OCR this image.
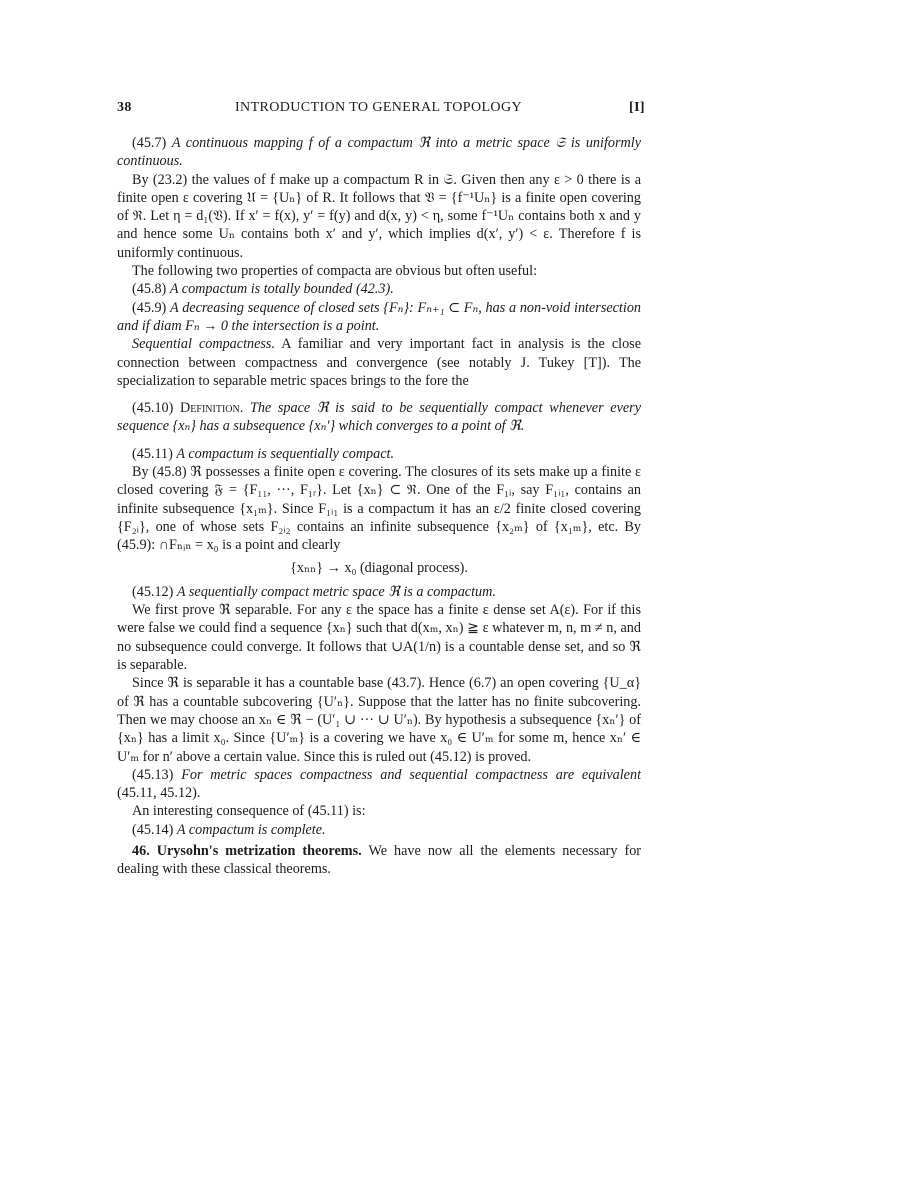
38	INTRODUCTION TO GENERAL TOPOLOGY	[I]

(45.7) A continuous mapping f of a compactum ℜ into a metric space 𝔖 is uniformly continuous.

By (23.2) the values of f make up a compactum R in 𝔖. Given then any ε > 0 there is a finite open ε covering 𝔘 = {Uₙ} of R. It follows that 𝔙 = {f⁻¹Uₙ} is a finite open covering of ℜ. Let η = d₁(𝔙). If x′ = f(x), y′ = f(y) and d(x, y) < η, some f⁻¹Uₙ contains both x and y and hence some Uₙ contains both x′ and y′, which implies d(x′, y′) < ε. Therefore f is uniformly continuous.

The following two properties of compacta are obvious but often useful:

(45.8) A compactum is totally bounded (42.3).

(45.9) A decreasing sequence of closed sets {Fₙ}: Fₙ₊₁ ⊂ Fₙ, has a non-void intersection and if diam Fₙ → 0 the intersection is a point.

Sequential compactness. A familiar and very important fact in analysis is the close connection between compactness and convergence (see notably J. Tukey [T]). The specialization to separable metric spaces brings to the fore the

(45.10) Definition. The space ℜ is said to be sequentially compact whenever every sequence {xₙ} has a subsequence {xₙ′} which converges to a point of ℜ.

(45.11) A compactum is sequentially compact.

By (45.8) ℜ possesses a finite open ε covering. The closures of its sets make up a finite ε closed covering 𝔉 = {F₁₁, ···, F₁ᵣ}. Let {xₙ} ⊂ ℜ. One of the F₁ᵢ, say F₁ᵢ₁, contains an infinite subsequence {x₁ₘ}. Since F₁ᵢ₁ is a compactum it has an ε/2 finite closed covering {F₂ᵢ}, one of whose sets F₂ᵢ₂ contains an infinite subsequence {x₂ₘ} of {x₁ₘ}, etc. By (45.9): ∩Fₙᵢₙ = x₀ is a point and clearly

{xₙₙ} → x₀ (diagonal process).

(45.12) A sequentially compact metric space ℜ is a compactum.

We first prove ℜ separable. For any ε the space has a finite ε dense set A(ε). For if this were false we could find a sequence {xₙ} such that d(xₘ, xₙ) ≧ ε whatever m, n, m ≠ n, and no subsequence could converge. It follows that ∪A(1/n) is a countable dense set, and so ℜ is separable.

Since ℜ is separable it has a countable base (43.7). Hence (6.7) an open covering {U_α} of ℜ has a countable subcovering {U′ₙ}. Suppose that the latter has no finite subcovering. Then we may choose an xₙ ∈ ℜ − (U′₁ ∪ ··· ∪ U′ₙ). By hypothesis a subsequence {xₙ′} of {xₙ} has a limit x₀. Since {U′ₘ} is a covering we have x₀ ∈ U′ₘ for some m, hence xₙ′ ∈ U′ₘ for n′ above a certain value. Since this is ruled out (45.12) is proved.

(45.13) For metric spaces compactness and sequential compactness are equivalent (45.11, 45.12).

An interesting consequence of (45.11) is:

(45.14) A compactum is complete.

46. Urysohn's metrization theorems. We have now all the elements necessary for dealing with these classical theorems.
